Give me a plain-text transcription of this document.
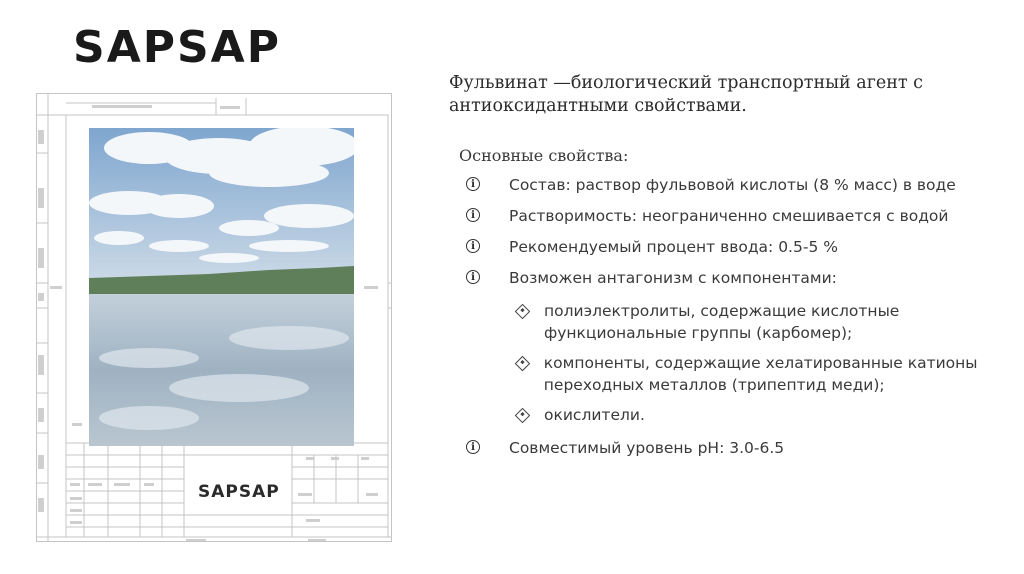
SAPSAP
SAPSAP
Фульвинат —биологический транспортный агент с антиоксидантными свойствами.
Основные свойства:
i	Состав: раствор фульвовой кислоты (8 % масс) в воде
i	Растворимость: неограниченно смешивается с водой
i	Рекомендуемый процент ввода: 0.5-5 %
i	Возможен антагонизм с компонентами:
полиэлектролиты, содержащие кислотные функциональные группы (карбомер);
компоненты, содержащие хелатированные катионы переходных металлов (трипептид меди);
окислители.
i	Совместимый уровень pH: 3.0-6.5
